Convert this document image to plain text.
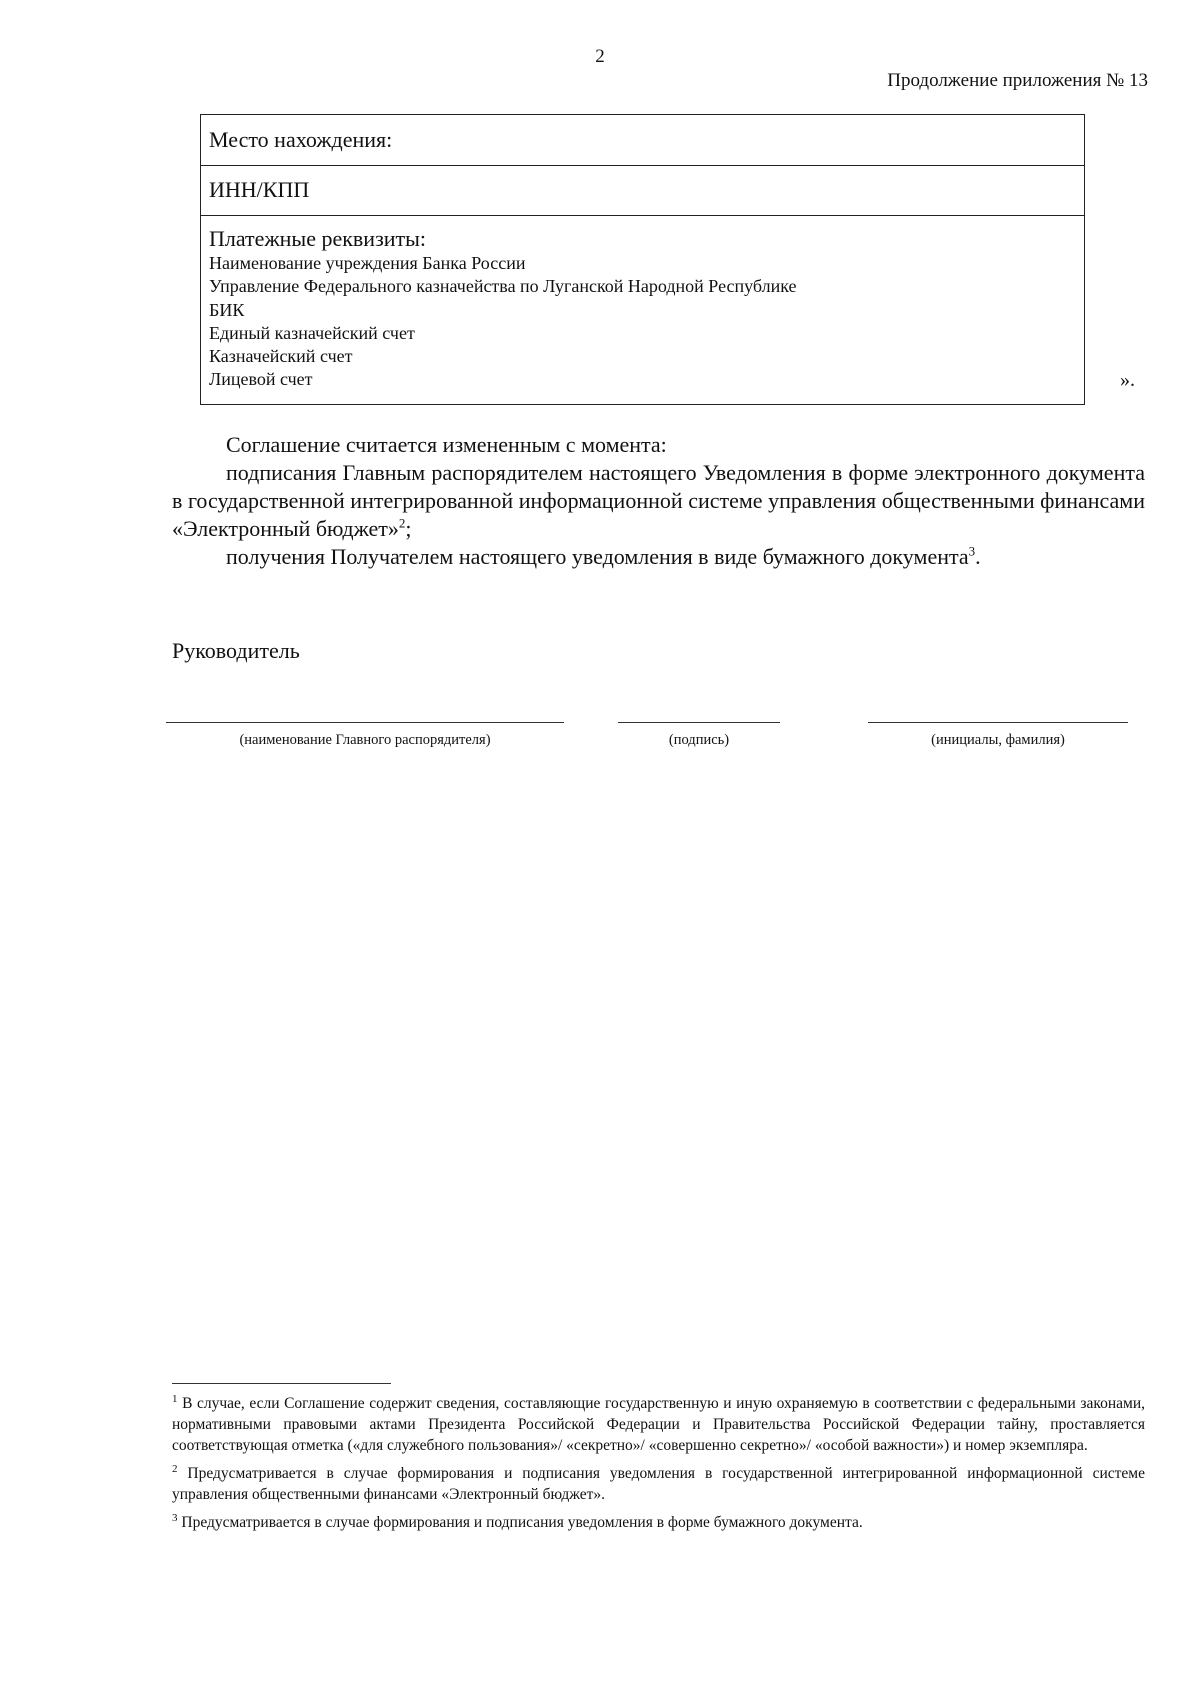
2
Продолжение приложения № 13
Место нахождения:
ИНН/КПП
Платежные реквизиты:
Наименование учреждения Банка России
Управление Федерального казначейства по Луганской Народной Республике
БИК
Единый казначейский счет
Казначейский счет
Лицевой счет	».

Соглашение считается измененным с момента:

подписания Главным распорядителем настоящего Уведомления в форме электронного документа в государственной интегрированной информационной системе управления общественными финансами «Электронный бюджет»$^2$;

получения Получателем настоящего уведомления в виде бумажного документа$^3$.

Руководитель
(наименование Главного распорядителя)	(подпись)	(инициалы, фамилия)

$^1$ В случае, если Соглашение содержит сведения, составляющие государственную и иную охраняемую в соответствии с федеральными законами, нормативными правовыми актами Президента Российской Федерации и Правительства Российской Федерации тайну, проставляется соответствующая отметка («для служебного пользования»/ «секретно»/ «совершенно секретно»/ «особой важности») и номер экземпляра.

$^2$ Предусматривается в случае формирования и подписания уведомления в государственной интегрированной информационной системе управления общественными финансами «Электронный бюджет».

$^3$ Предусматривается в случае формирования и подписания уведомления в форме бумажного документа.
